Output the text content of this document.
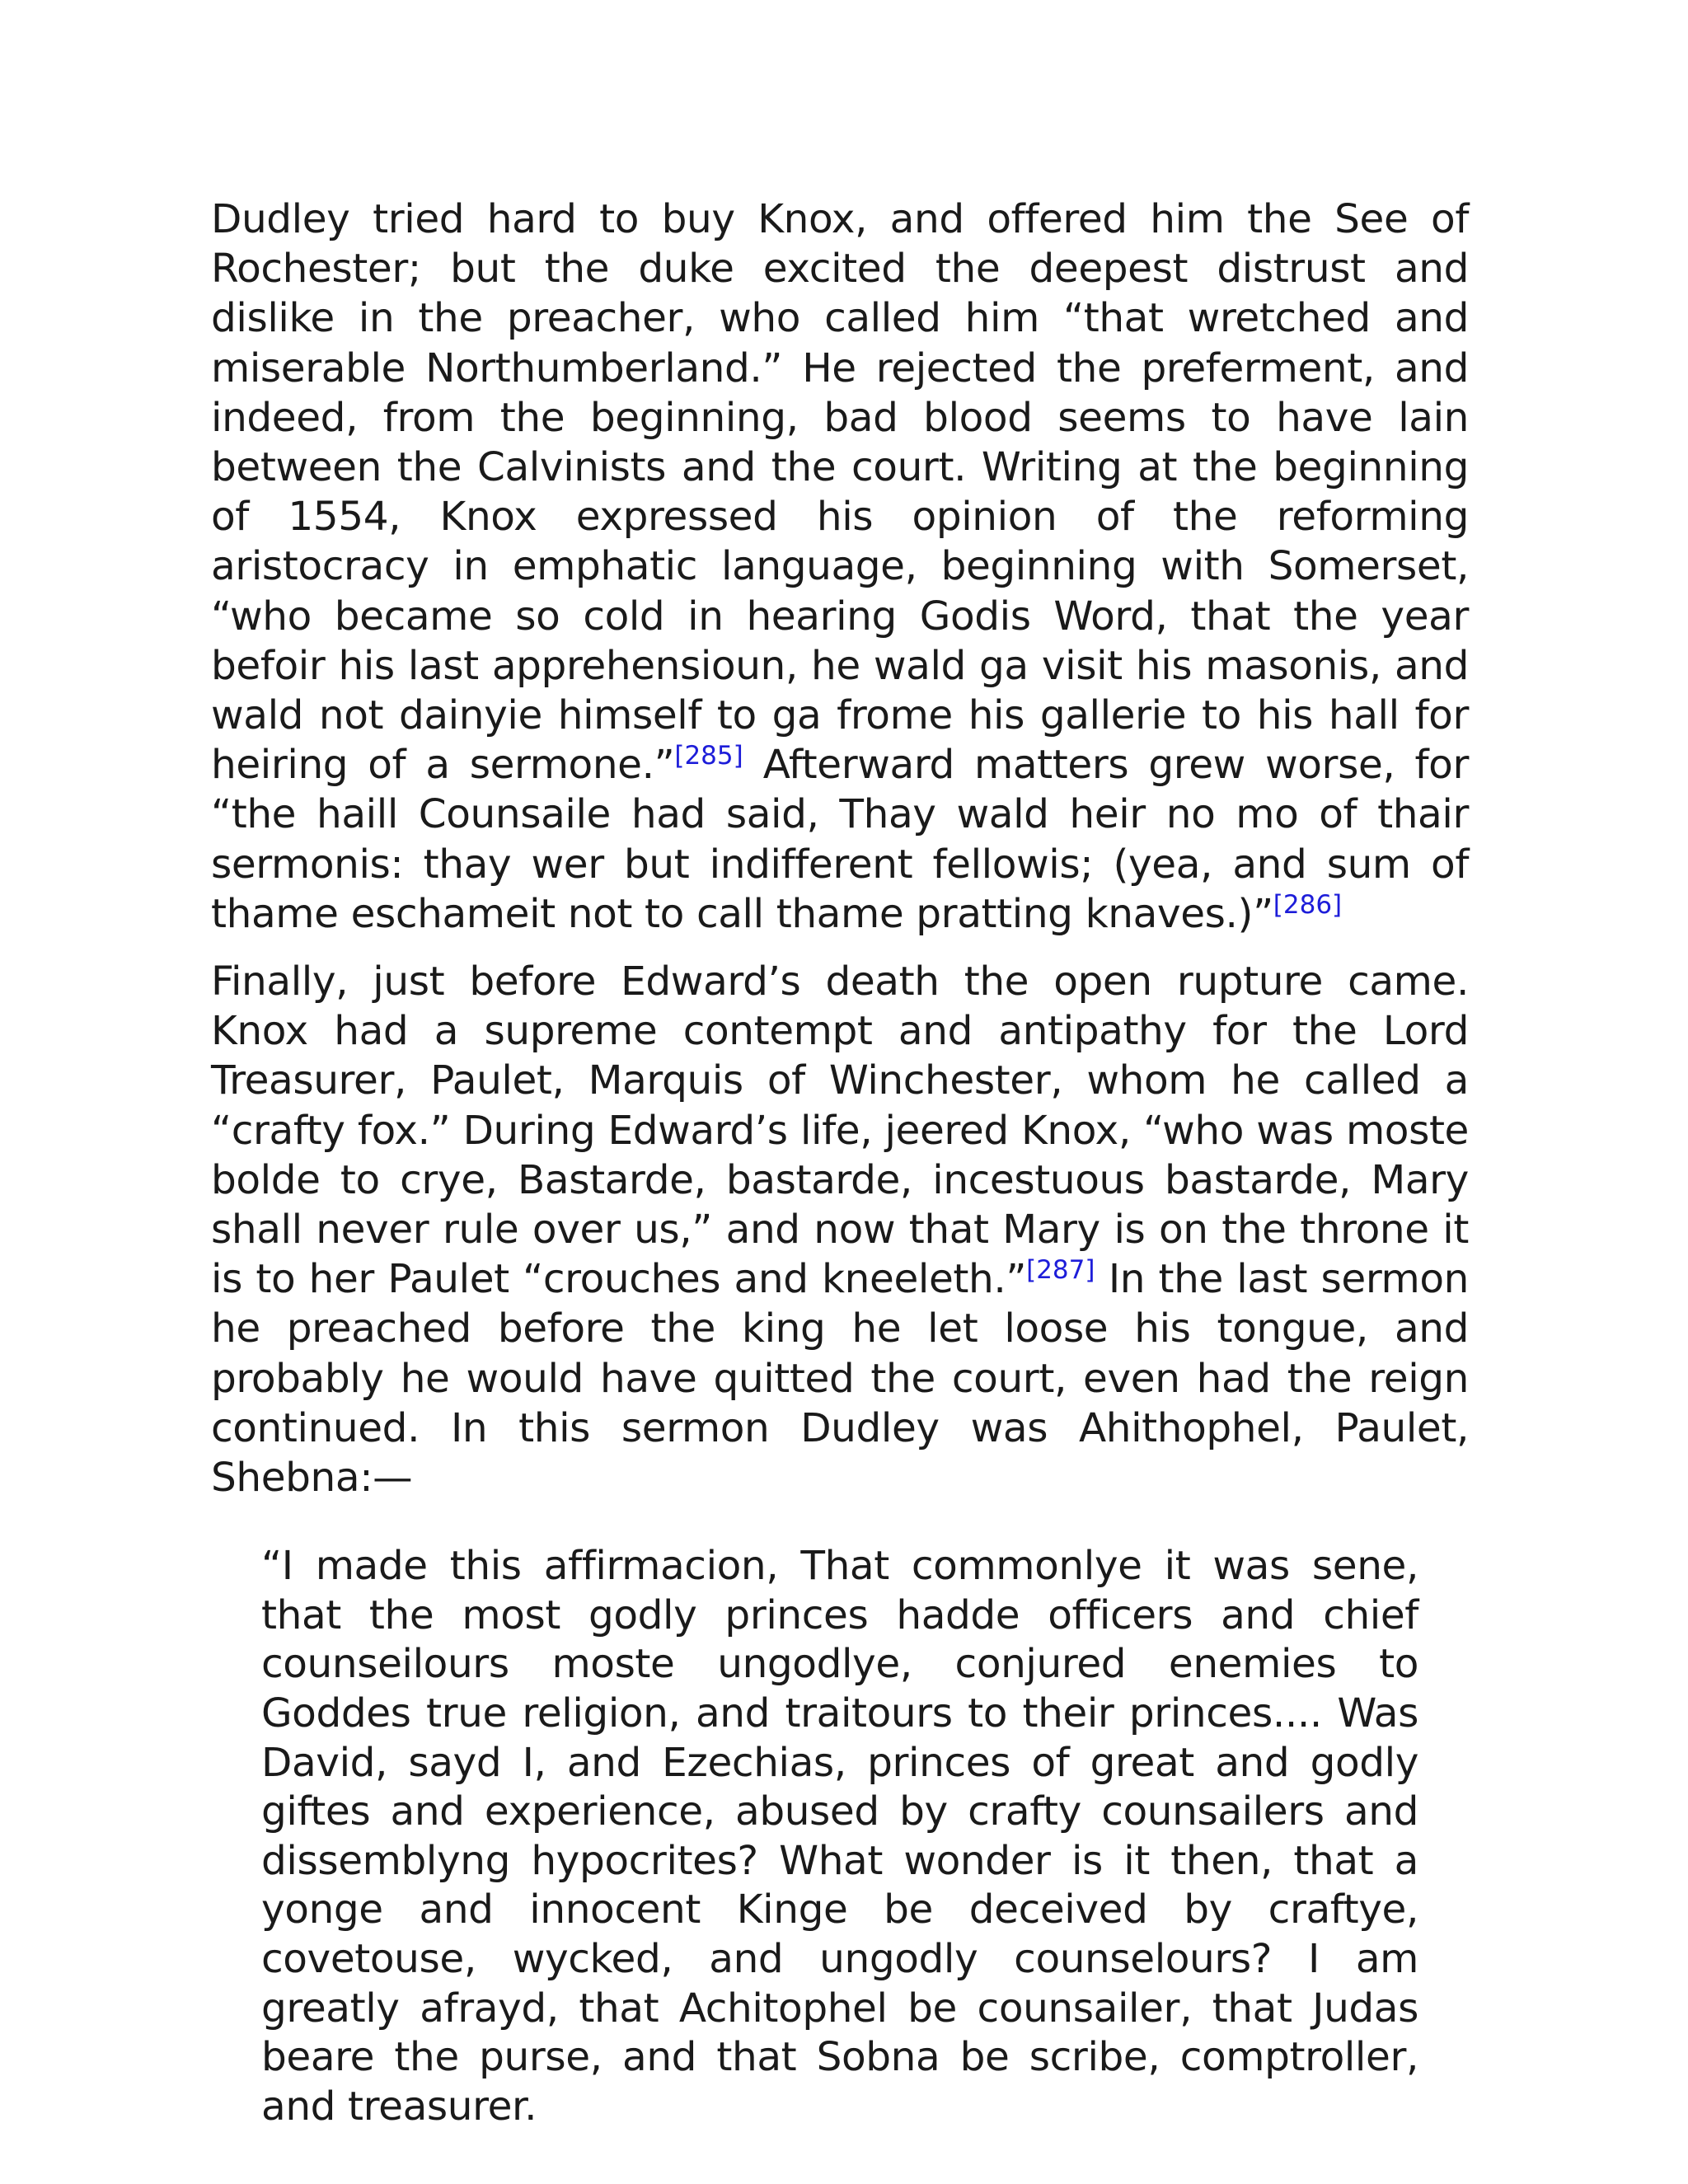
Dudley tried hard to buy Knox, and offered him the See of Rochester; but the duke excited the deepest distrust and dislike in the preacher, who called him “that wretched and miserable Northumberland.” He rejected the preferment, and indeed, from the beginning, bad blood seems to have lain between the Calvinists and the court. Writing at the beginning of 1554, Knox expressed his opinion of the reforming aristocracy in emphatic language, beginning with Somerset, “who became so cold in hearing Godis Word, that the year befoir his last apprehensioun, he wald ga visit his masonis, and wald not dainyie himself to ga frome his gallerie to his hall for heiring of a sermone.”[285] Afterward matters grew worse, for “the haill Counsaile had said, Thay wald heir no mo of thair sermonis: thay wer but indifferent fellowis; (yea, and sum of thame eschameit not to call thame pratting knaves.)”[286]

Finally, just before Edward’s death the open rupture came. Knox had a supreme contempt and antipathy for the Lord Treasurer, Paulet, Marquis of Winchester, whom he called a “crafty fox.” During Edward’s life, jeered Knox, “who was moste bolde to crye, Bastarde, bastarde, incestuous bastarde, Mary shall never rule over us,” and now that Mary is on the throne it is to her Paulet “crouches and kneeleth.”[287] In the last sermon he preached before the king he let loose his tongue, and probably he would have quitted the court, even had the reign continued. In this sermon Dudley was Ahithophel, Paulet, Shebna:—

“I made this affirmacion, That commonlye it was sene, that the most godly princes hadde officers and chief counseilours moste ungodlye, conjured enemies to Goddes true religion, and traitours to their princes.... Was David, sayd I, and Ezechias, princes of great and godly giftes and experience, abused by crafty counsailers and dissemblyng hypocrites? What wonder is it then, that a yonge and innocent Kinge be deceived by craftye, covetouse, wycked, and ungodly counselours? I am greatly afrayd, that Achitophel be counsailer, that Judas beare the purse, and that Sobna be scribe, comptroller, and treasurer.
